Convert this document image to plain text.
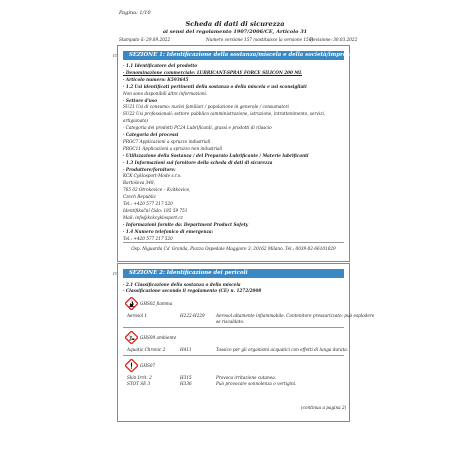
Pagina: 1/10
Scheda di dati di sicurezza
ai sensi del regolamento 1907/2006/CE, Articolo 31
Stampato il: 29.09.2022	Numero versione 157 (sostituisce la versione 156)
Revisione: 30.03.2022
SEZIONE 1: Identificazione della sostanza/miscela e della società/impresa
· 1.1 Identificatore del prodotto
· Denominazione commerciale: LUBRICANT-SPRAY FORCE SILICON 200 ML
· Articolo numero: K593645
· 1.2 Usi identificati pertinenti della sostanza o della miscela e usi sconsigliati
Non sono disponibili altre informazioni.
· Settore d'uso
SU21 Usi di consumo: nuclei familiari / popolazione in generale / consumatori
SU22 Usi professionali: settore pubblico (amministrazione, istruzione, intrattenimento, servizi,
artigianato)
· Categoria dei prodotti PC24 Lubrificanti, grassi e prodotti di rilascio
· Categoria dei processi
PROC7 Applicazioni a spruzzo industriali
PROC11 Applicazioni a spruzzo non industriali
· Utilizzazione della Sostanza / del Preparato Lubrificante / Materie lubrificanti
· 1.3 Informazioni sul fornitore della scheda di dati di sicurezza
· Produttore/fornitore:
KCK Cyklosport-Mode s.r.o.
Bartošova 348,
765 02 Otrokovice – Kvítkovice,
Czech Republic
Tel.: +420 577 217 520
Identifikační číslo: 185 59 751
Mail: info@kckcyklosport.cz
· Informazioni fornite da: Department Product Safety
· 1.4 Numero telefonico di emergenza:
Tel.: +420 577 217 520
Osp. Niguarda Ca' Granda, Piazza Ospedale Maggiore 3, 20162 Milano. Tel.: 0039-02-66101029
IT
SEZIONE 2: Identificazione dei pericoli
· 2.1 Classificazione della sostanza o della miscela
· Classificazione secondo il regolamento (CE) n. 1272/2008
GHS02 fiamma
Aerosol 1	H222-H229	Aerosol altamente infiammabile. Contenitore pressurizzato: può esplodere
se riscaldato.
GHS09 ambiente
Aquatic Chronic 2	H411	Tossico per gli organismi acquatici con effetti di lunga durata.
GHS07
Skin Irrit. 2	H315	Provoca irritazione cutanea.
STOT SE 3	H336	Può provocare sonnolenza o vertigini.
(continua a pagina 2)
IT
